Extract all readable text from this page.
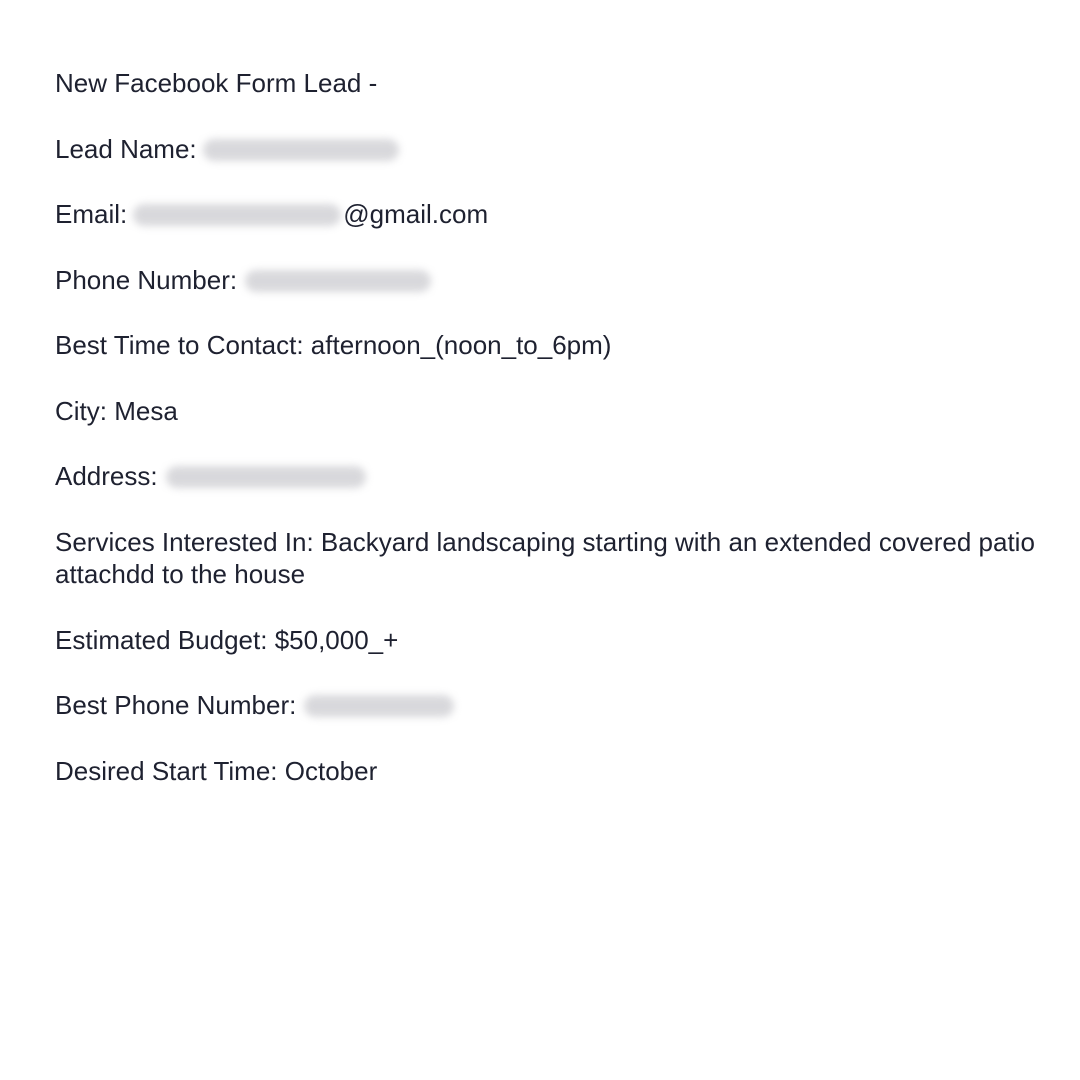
New Facebook Form Lead -
Lead Name:
Email:	@gmail.com
Phone Number:
Best Time to Contact: afternoon_(noon_to_6pm)
City: Mesa
Address:
Services Interested In: Backyard landscaping starting with an extended covered patio attachdd to the house
Estimated Budget: $50,000_+
Best Phone Number:
Desired Start Time: October
